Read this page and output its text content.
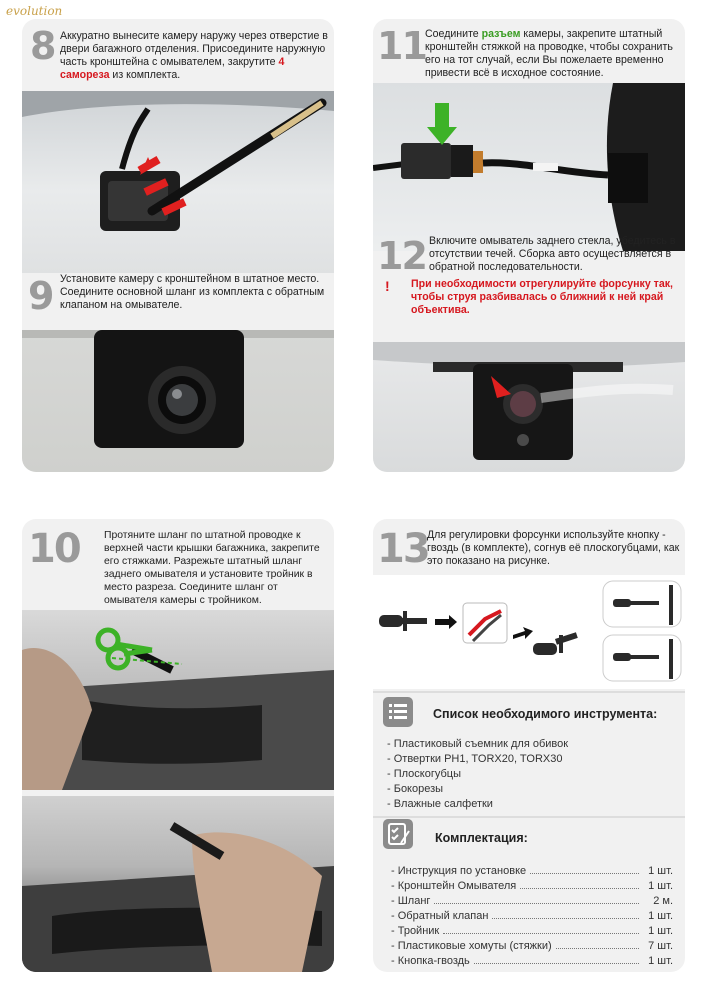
evolution
8 Аккуратно вынесите камеру наружу через отверстие в двери багажного отделения. Присоедините наружную часть кронштейна с омывателем, закрутите 4 самореза из комплекта.
9 Установите камеру с кронштейном в штатное место. Соедините основной шланг из комплекта с обратным клапаном на омывателе.
11 Соедините разъем камеры, закрепите штатный кронштейн стяжкой на проводке, чтобы сохранить его на тот случай, если Вы пожелаете временно привести всё в исходное состояние.
12 Включите омыватель заднего стекла, убедитесь в отсутствии течей. Сборка авто осуществляется в обратной последовательности.
! При необходимости отрегулируйте форсунку так, чтобы струя разбивалась о ближний к ней край объектива.
10 Протяните шланг по штатной проводке к верхней части крышки багажника, закрепите его стяжками. Разрежьте штатный шланг заднего омывателя и установите тройник в место разреза. Соедините шланг от омывателя камеры с тройником.
13
Для регулировки форсунки используйте кнопку - гвоздь (в комплекте), согнув её плоскогубцами, как это показано на рисунке.
Список необходимого инструмента:
- Пластиковый съемник для обивок
- Отвертки PH1, TORX20, TORX30
- Плоскогубцы
- Бокорезы
- Влажные салфетки
Комплектация:
- Инструкция по установке	1 шт.
- Кронштейн Омывателя	1 шт.
- Шланг	2 м.
- Обратный клапан	1 шт.
- Тройник	1 шт.
- Пластиковые хомуты (стяжки)	7 шт.
- Кнопка-гвоздь	1 шт.
